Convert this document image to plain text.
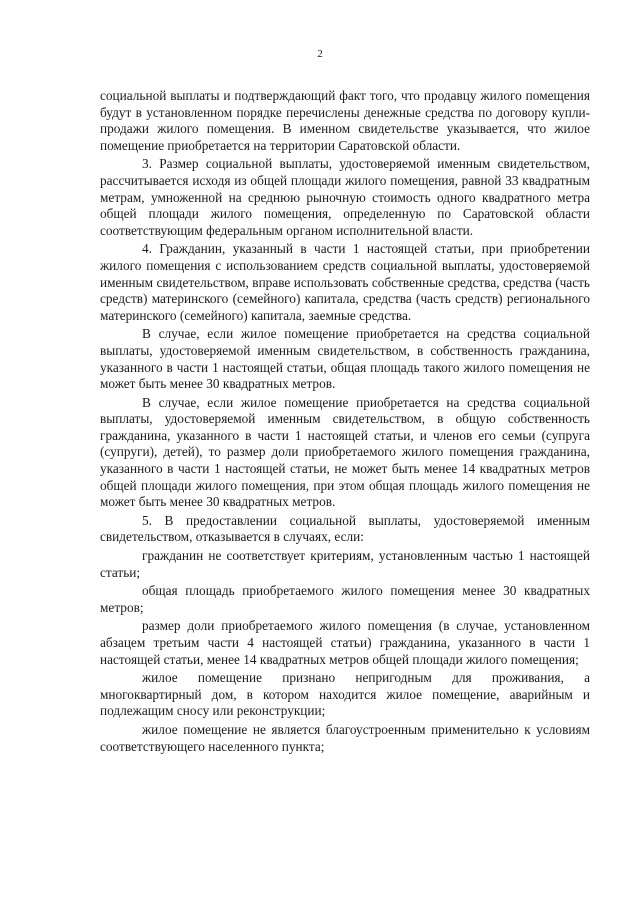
2

социальной выплаты и подтверждающий факт того, что продавцу жилого помещения будут в установленном порядке перечислены денежные средства по договору купли-продажи жилого помещения. В именном свидетельстве указывается, что жилое помещение приобретается на территории Саратовской области.

3. Размер социальной выплаты, удостоверяемой именным свидетельством, рассчитывается исходя из общей площади жилого помещения, равной 33 квадратным метрам, умноженной на среднюю рыночную стоимость одного квадратного метра общей площади жилого помещения, определенную по Саратовской области соответствующим федеральным органом исполнительной власти.

4. Гражданин, указанный в части 1 настоящей статьи, при приобретении жилого помещения с использованием средств социальной выплаты, удостоверяемой именным свидетельством, вправе использовать собственные средства, средства (часть средств) материнского (семейного) капитала, средства (часть средств) регионального материнского (семейного) капитала, заемные средства.

В случае, если жилое помещение приобретается на средства социальной выплаты, удостоверяемой именным свидетельством, в собственность гражданина, указанного в части 1 настоящей статьи, общая площадь такого жилого помещения не может быть менее 30 квадратных метров.

В случае, если жилое помещение приобретается на средства социальной выплаты, удостоверяемой именным свидетельством, в общую собственность гражданина, указанного в части 1 настоящей статьи, и членов его семьи (супруга (супруги), детей), то размер доли приобретаемого жилого помещения гражданина, указанного в части 1 настоящей статьи, не может быть менее 14 квадратных метров общей площади жилого помещения, при этом общая площадь жилого помещения не может быть менее 30 квадратных метров.

5. В предоставлении социальной выплаты, удостоверяемой именным свидетельством, отказывается в случаях, если:

гражданин не соответствует критериям, установленным частью 1 настоящей статьи;

общая площадь приобретаемого жилого помещения менее 30 квадратных метров;

размер доли приобретаемого жилого помещения (в случае, установленном абзацем третьим части 4 настоящей статьи) гражданина, указанного в части 1 настоящей статьи, менее 14 квадратных метров общей площади жилого помещения;

жилое помещение признано непригодным для проживания, а многоквартирный дом, в котором находится жилое помещение, аварийным и подлежащим сносу или реконструкции;

жилое помещение не является благоустроенным применительно к условиям соответствующего населенного пункта;
